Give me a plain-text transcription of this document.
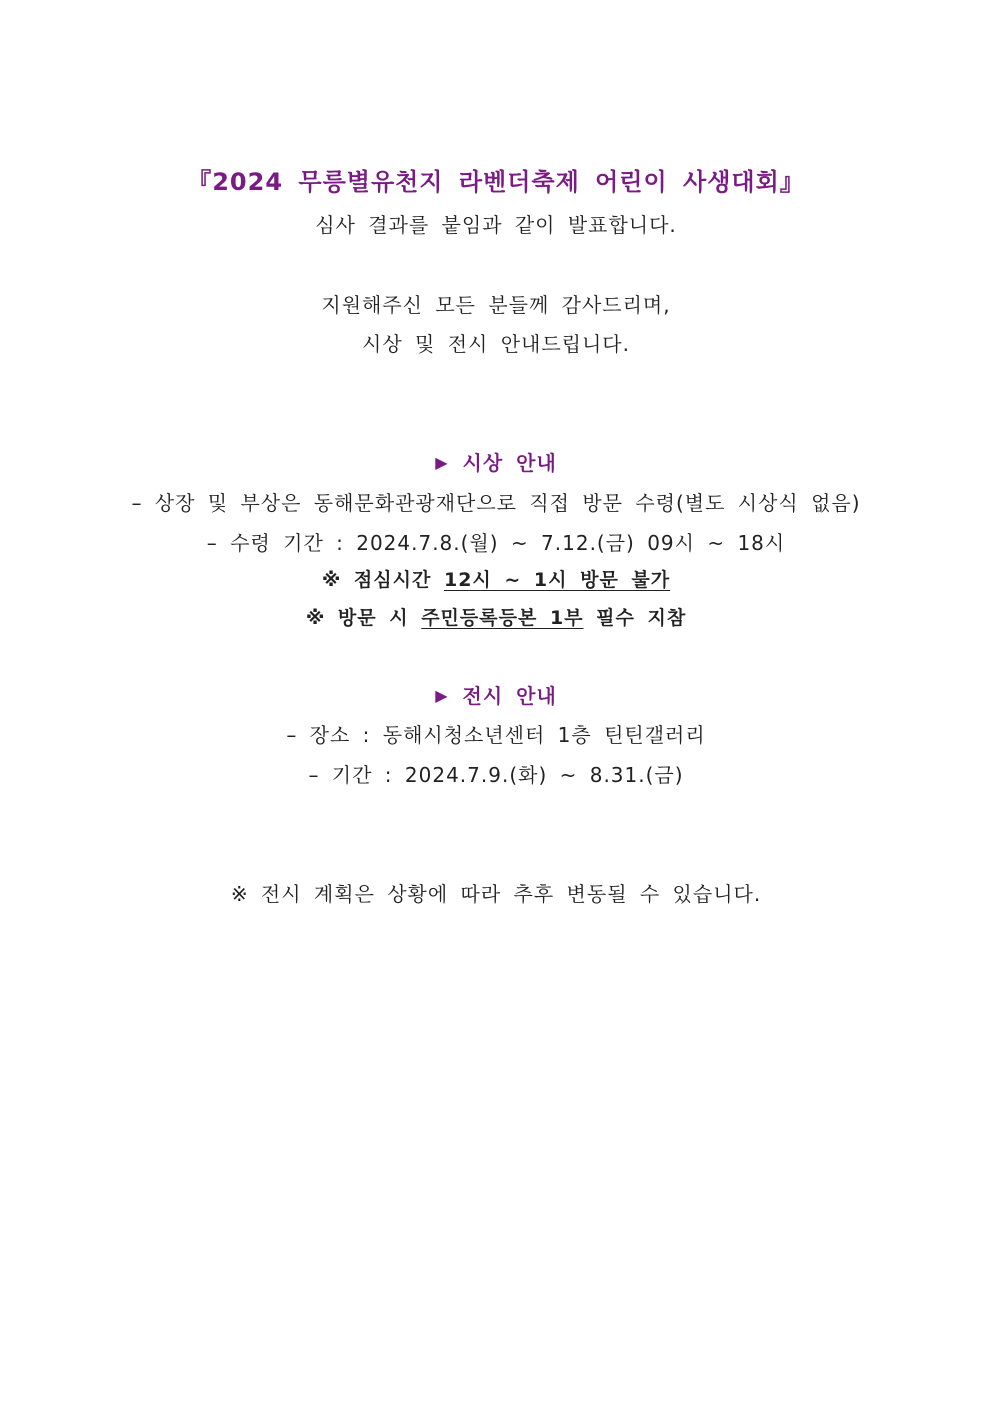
『2024 무릉별유천지 라벤더축제 어린이 사생대회』
심사 결과를 붙임과 같이 발표합니다.
지원해주신 모든 분들께 감사드리며,
시상 및 전시 안내드립니다.
▶ 시상 안내
– 상장 및 부상은 동해문화관광재단으로 직접 방문 수령(별도 시상식 없음)
– 수령 기간 : 2024.7.8.(월) ~ 7.12.(금) 09시 ~ 18시
※ 점심시간 12시 ~ 1시 방문 불가
※ 방문 시 주민등록등본 1부 필수 지참
▶ 전시 안내
– 장소 : 동해시청소년센터 1층 틴틴갤러리
– 기간 : 2024.7.9.(화) ~ 8.31.(금)
※ 전시 계획은 상황에 따라 추후 변동될 수 있습니다.
